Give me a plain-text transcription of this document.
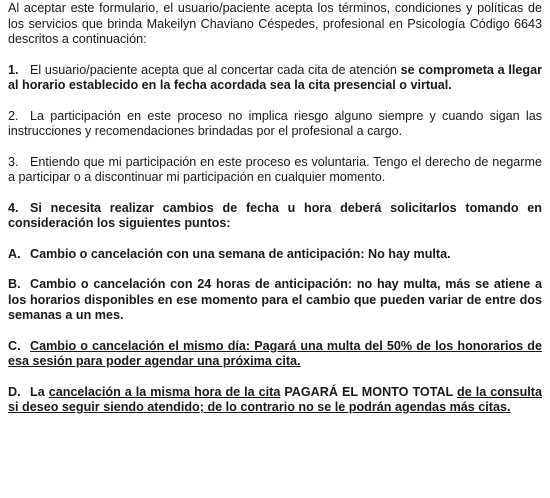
Al aceptar este formulario, el usuario/paciente acepta los términos, condiciones y políticas de los servicios que brinda Makeilyn Chaviano Céspedes, profesional en Psicología Código 6643 descritos a continuación:

1. El usuario/paciente acepta que al concertar cada cita de atención se comprometa a llegar al horario establecido en la fecha acordada sea la cita presencial o virtual.

2. La participación en este proceso no implica riesgo alguno siempre y cuando sigan las instrucciones y recomendaciones brindadas por el profesional a cargo.

3. Entiendo que mi participación en este proceso es voluntaria. Tengo el derecho de negarme a participar o a discontinuar mi participación en cualquier momento.

4. Si necesita realizar cambios de fecha u hora deberá solicitarlos tomando en consideración los siguientes puntos:

A. Cambio o cancelación con una semana de anticipación: No hay multa.

B. Cambio o cancelación con 24 horas de anticipación: no hay multa, más se atiene a los horarios disponibles en ese momento para el cambio que pueden variar de entre dos semanas a un mes.

C. Cambio o cancelación el mismo día: Pagará una multa del 50% de los honorarios de esa sesión para poder agendar una próxima cita.

D. La cancelación a la misma hora de la cita PAGARÁ EL MONTO TOTAL de la consulta si deseo seguir siendo atendido; de lo contrario no se le podrán agendas más citas.
